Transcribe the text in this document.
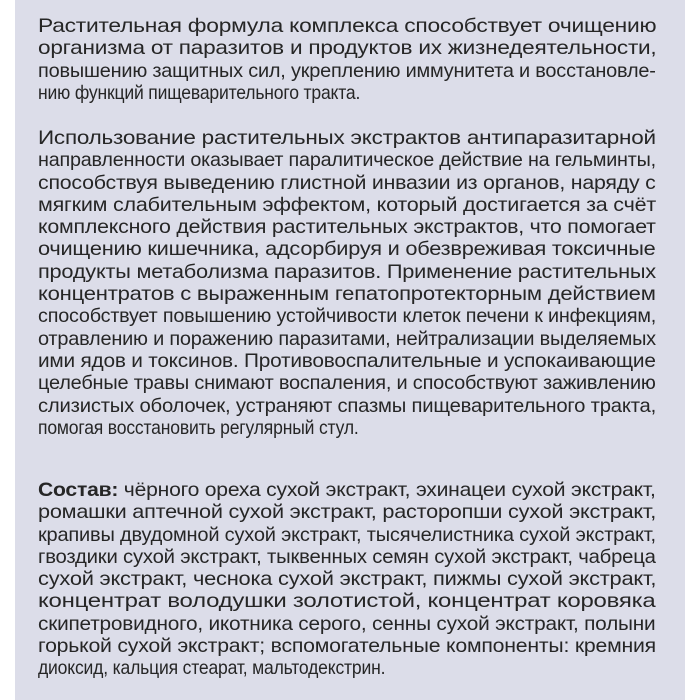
Растительная формула комплекса способствует очищению
организма от паразитов и продуктов их жизнедеятельности,
повышению защитных сил, укреплению иммунитета и восстановле-
нию функций пищеварительного тракта.
Использование растительных экстрактов антипаразитарной
направленности оказывает паралитическое действие на гельминты,
способствуя выведению глистной инвазии из органов, наряду с
мягким слабительным эффектом, который достигается за счёт
комплексного действия растительных экстрактов, что помогает
очищению кишечника, адсорбируя и обезвреживая токсичные
продукты метаболизма паразитов. Применение растительных
концентратов с выраженным гепатопротекторным действием
способствует повышению устойчивости клеток печени к инфекциям,
отравлению и поражению паразитами, нейтрализации выделяемых
ими ядов и токсинов. Противовоспалительные и успокаивающие
целебные травы снимают воспаления, и способствуют заживлению
слизистых оболочек, устраняют спазмы пищеварительного тракта,
помогая восстановить регулярный стул.
Состав: чёрного ореха сухой экстракт, эхинацеи сухой экстракт,
ромашки аптечной сухой экстракт, расторопши сухой экстракт,
крапивы двудомной сухой экстракт, тысячелистника сухой экстракт,
гвоздики сухой экстракт, тыквенных семян сухой экстракт, чабреца
сухой экстракт, чеснока сухой экстракт, пижмы сухой экстракт,
концентрат володушки золотистой, концентрат коровяка
скипетровидного, икотника серого, сенны сухой экстракт, полыни
горькой сухой экстракт; вспомогательные компоненты: кремния
диоксид, кальция стеарат, мальтодекстрин.
